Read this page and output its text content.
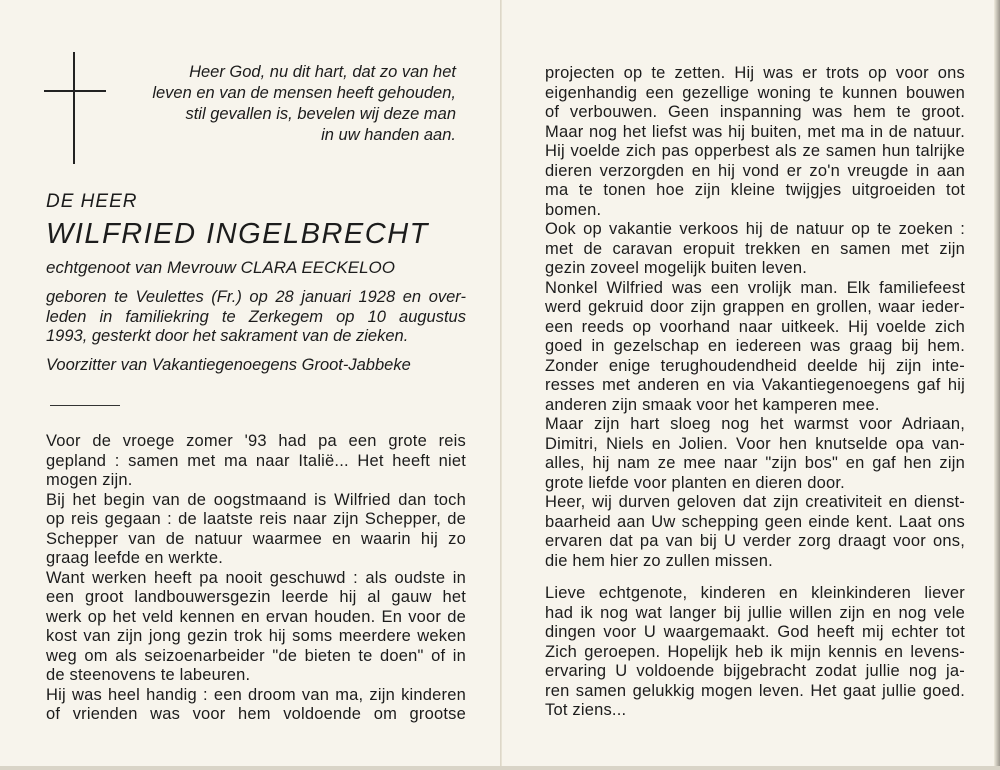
Heer God, nu dit hart, dat zo van het
leven en van de mensen heeft gehouden,
stil gevallen is, bevelen wij deze man
in uw handen aan.
DE HEER
WILFRIED INGELBRECHT
echtgenoot van Mevrouw CLARA EECKELOO
geboren te Veulettes (Fr.) op 28 januari 1928 en over-
leden in familiekring te Zerkegem op 10 augustus
1993, gesterkt door het sakrament van de zieken.
Voorzitter van Vakantiegenoegens Groot-Jabbeke
Voor de vroege zomer '93 had pa een grote reis
gepland : samen met ma naar Italië... Het heeft niet
mogen zijn.
Bij het begin van de oogstmaand is Wilfried dan toch
op reis gegaan : de laatste reis naar zijn Schepper, de
Schepper van de natuur waarmee en waarin hij zo
graag leefde en werkte.
Want werken heeft pa nooit geschuwd : als oudste in
een groot landbouwersgezin leerde hij al gauw het
werk op het veld kennen en ervan houden. En voor de
kost van zijn jong gezin trok hij soms meerdere weken
weg om als seizoenarbeider "de bieten te doen" of in
de steenovens te labeuren.
Hij was heel handig : een droom van ma, zijn kinderen
of vrienden was voor hem voldoende om grootse
projecten op te zetten. Hij was er trots op voor ons
eigenhandig een gezellige woning te kunnen bouwen
of verbouwen. Geen inspanning was hem te groot.
Maar nog het liefst was hij buiten, met ma in de natuur.
Hij voelde zich pas opperbest als ze samen hun talrijke
dieren verzorgden en hij vond er zo'n vreugde in aan
ma te tonen hoe zijn kleine twijgjes uitgroeiden tot
bomen.
Ook op vakantie verkoos hij de natuur op te zoeken :
met de caravan eropuit trekken en samen met zijn
gezin zoveel mogelijk buiten leven.
Nonkel Wilfried was een vrolijk man. Elk familiefeest
werd gekruid door zijn grappen en grollen, waar ieder-
een reeds op voorhand naar uitkeek. Hij voelde zich
goed in gezelschap en iedereen was graag bij hem.
Zonder enige terughoudendheid deelde hij zijn inte-
resses met anderen en via Vakantiegenoegens gaf hij
anderen zijn smaak voor het kamperen mee.
Maar zijn hart sloeg nog het warmst voor Adriaan,
Dimitri, Niels en Jolien. Voor hen knutselde opa van-
alles, hij nam ze mee naar "zijn bos" en gaf hen zijn
grote liefde voor planten en dieren door.
Heer, wij durven geloven dat zijn creativiteit en dienst-
baarheid aan Uw schepping geen einde kent. Laat ons
ervaren dat pa van bij U verder zorg draagt voor ons,
die hem hier zo zullen missen.
Lieve echtgenote, kinderen en kleinkinderen liever
had ik nog wat langer bij jullie willen zijn en nog vele
dingen voor U waargemaakt. God heeft mij echter tot
Zich geroepen. Hopelijk heb ik mijn kennis en levens-
ervaring U voldoende bijgebracht zodat jullie nog ja-
ren samen gelukkig mogen leven. Het gaat jullie goed.
Tot ziens...
